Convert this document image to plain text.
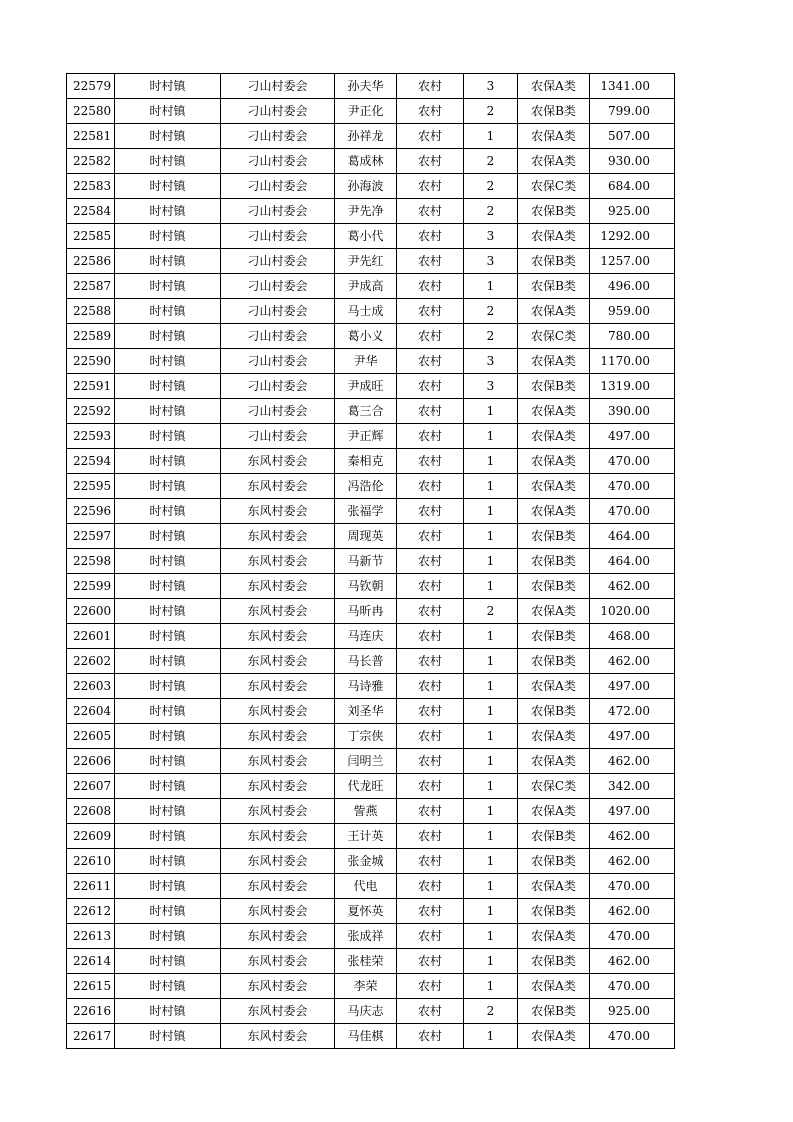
22579	时村镇	刁山村委会	孙夫华	农村	3	农保A类	1341.00
22580	时村镇	刁山村委会	尹正化	农村	2	农保B类	799.00
22581	时村镇	刁山村委会	孙祥龙	农村	1	农保A类	507.00
22582	时村镇	刁山村委会	葛成林	农村	2	农保A类	930.00
22583	时村镇	刁山村委会	孙海波	农村	2	农保C类	684.00
22584	时村镇	刁山村委会	尹先净	农村	2	农保B类	925.00
22585	时村镇	刁山村委会	葛小代	农村	3	农保A类	1292.00
22586	时村镇	刁山村委会	尹先红	农村	3	农保B类	1257.00
22587	时村镇	刁山村委会	尹成高	农村	1	农保B类	496.00
22588	时村镇	刁山村委会	马士成	农村	2	农保A类	959.00
22589	时村镇	刁山村委会	葛小义	农村	2	农保C类	780.00
22590	时村镇	刁山村委会	尹华	农村	3	农保A类	1170.00
22591	时村镇	刁山村委会	尹成旺	农村	3	农保B类	1319.00
22592	时村镇	刁山村委会	葛三合	农村	1	农保A类	390.00
22593	时村镇	刁山村委会	尹正辉	农村	1	农保A类	497.00
22594	时村镇	东风村委会	秦相克	农村	1	农保A类	470.00
22595	时村镇	东风村委会	冯浩伦	农村	1	农保A类	470.00
22596	时村镇	东风村委会	张福学	农村	1	农保A类	470.00
22597	时村镇	东风村委会	周现英	农村	1	农保B类	464.00
22598	时村镇	东风村委会	马新节	农村	1	农保B类	464.00
22599	时村镇	东风村委会	马钦朝	农村	1	农保B类	462.00
22600	时村镇	东风村委会	马昕冉	农村	2	农保A类	1020.00
22601	时村镇	东风村委会	马连庆	农村	1	农保B类	468.00
22602	时村镇	东风村委会	马长普	农村	1	农保B类	462.00
22603	时村镇	东风村委会	马诗雅	农村	1	农保A类	497.00
22604	时村镇	东风村委会	刘圣华	农村	1	农保B类	472.00
22605	时村镇	东风村委会	丁宗侠	农村	1	农保A类	497.00
22606	时村镇	东风村委会	闫明兰	农村	1	农保A类	462.00
22607	时村镇	东风村委会	代龙旺	农村	1	农保C类	342.00
22608	时村镇	东风村委会	訾燕	农村	1	农保A类	497.00
22609	时村镇	东风村委会	王计英	农村	1	农保B类	462.00
22610	时村镇	东风村委会	张金城	农村	1	农保B类	462.00
22611	时村镇	东风村委会	代电	农村	1	农保A类	470.00
22612	时村镇	东风村委会	夏怀英	农村	1	农保B类	462.00
22613	时村镇	东风村委会	张成祥	农村	1	农保A类	470.00
22614	时村镇	东风村委会	张桂荣	农村	1	农保B类	462.00
22615	时村镇	东风村委会	李荣	农村	1	农保A类	470.00
22616	时村镇	东风村委会	马庆志	农村	2	农保B类	925.00
22617	时村镇	东风村委会	马佳棋	农村	1	农保A类	470.00
